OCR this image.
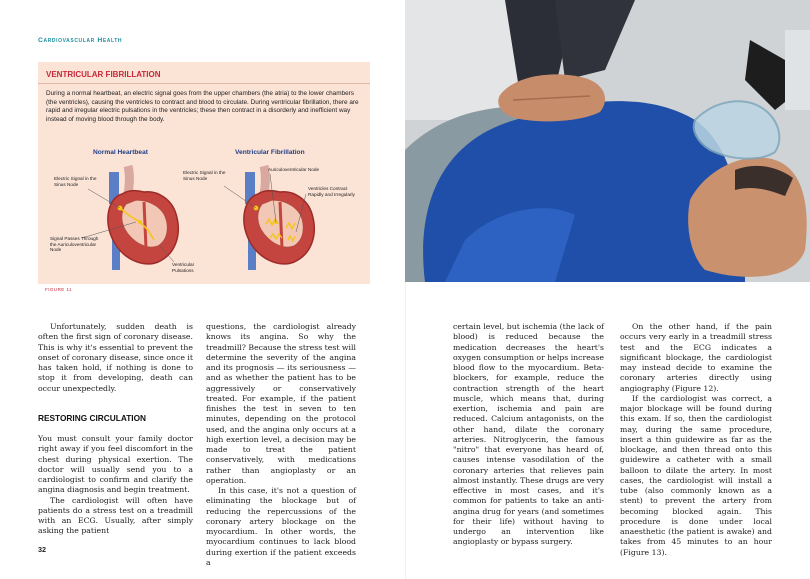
Cardiovascular Health
VENTRICULAR FIBRILLATION
During a normal heartbeat, an electric signal goes from the upper chambers (the atria) to the lower chambers (the ventricles), causing the ventricles to contract and blood to circulate. During ventricular fibrillation, there are rapid and irregular electric pulsations in the ventricles; these then contract in a disorderly and inefficient way instead of moving blood through the body.
Normal Heartbeat	Ventricular Fibrillation
Electric Signal in the Sinus Node
Signal Passes Through the Auriculoventricular Node
Ventricular Pulsations
Electric Signal in the Sinus Node
Auriculoventricular Node
Ventricles Contract Rapidly and Irregularly
FIGURE 11

Unfortunately, sudden death is often the first sign of coronary disease. This is why it's essential to prevent the onset of coronary disease, since once it has taken hold, if nothing is done to stop it from developing, death can occur unexpectedly.

RESTORING CIRCULATION

You must consult your family doctor right away if you feel discomfort in the chest during physical exertion. The doctor will usually send you to a cardiologist to confirm and clarify the angina diagnosis and begin treatment.

The cardiologist will often have patients do a stress test on a treadmill with an ECG. Usually, after simply asking the patient

questions, the cardiologist already knows its angina. So why the treadmill? Because the stress test will determine the severity of the angina and its prognosis — its seriousness — and as whether the patient has to be aggressively or conservatively treated. For example, if the patient finishes the test in seven to ten minutes, depending on the protocol used, and the angina only occurs at a high exertion level, a decision may be made to treat the patient conservatively, with medications rather than angioplasty or an operation.

In this case, it's not a question of eliminating the blockage but of reducing the repercussions of the coronary artery blockage on the myocardium. In other words, the myocardium continues to lack blood during exertion if the patient exceeds a

certain level, but ischemia (the lack of blood) is reduced because the medication decreases the heart's oxygen consumption or helps increase blood flow to the myocardium. Beta-blockers, for example, reduce the contraction strength of the heart muscle, which means that, during exertion, ischemia and pain are reduced. Calcium antagonists, on the other hand, dilate the coronary arteries. Nitroglycerin, the famous "nitro" that everyone has heard of, causes intense vasodilation of the coronary arteries that relieves pain almost instantly. These drugs are very effective in most cases, and it's common for patients to take an anti-angina drug for years (and sometimes for their life) without having to undergo an intervention like angioplasty or bypass surgery.

On the other hand, if the pain occurs very early in a treadmill stress test and the ECG indicates a significant blockage, the cardiologist may instead decide to examine the coronary arteries directly using angiography (Figure 12).

If the cardiologist was correct, a major blockage will be found during this exam. If so, then the cardiologist may, during the same procedure, insert a thin guidewire as far as the blockage, and then thread onto this guidewire a catheter with a small balloon to dilate the artery. In most cases, the cardiologist will install a tube (also commonly known as a stent) to prevent the artery from becoming blocked again. This procedure is done under local anaesthetic (the patient is awake) and takes from 45 minutes to an hour (Figure 13).

32
